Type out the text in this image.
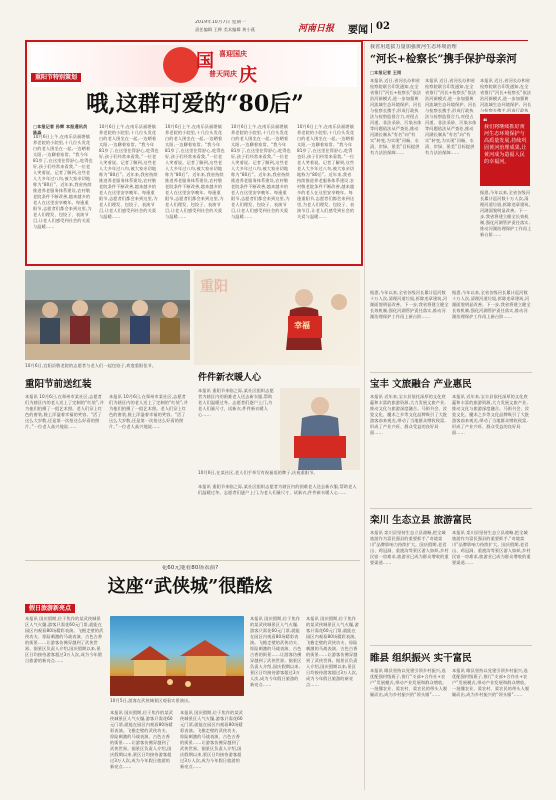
2019年10月7日 星期一
责任编辑 王桦 美术编辑 黄小燕	河南日报 要闻 02
国
庆
喜迎国庆
普天同庆
重阳节特别策划
哦,这群可爱的“80后”
□本报记者 孙辉 本报通讯员 陈淼
10月6日上午,在南乐县福堪镇养老院的小院里,十几位头发花白的老人围坐在一起,一边晒着太阳,一边聊着家常。“我今年81岁了,在这里住得舒心,吃得也好,孩子们经常来看我。”一位老人笑着说。记者了解到,这些老人大多年过八旬,被大家亲切地称为“80后”。近年来,我省持续推进养老服务体系建设,农村敬老院条件不断改善,越来越多的老人在这里安享晚年。每逢重阳节,志愿者们都会来到这里,为老人们理发、包饺子、表演节目,让老人们感受到社会的关爱与温暖……
10月6日上午,在南乐县福堪镇养老院的小院里,十几位头发花白的老人围坐在一起,一边晒着太阳,一边聊着家常。“我今年81岁了,在这里住得舒心,吃得也好,孩子们经常来看我。”一位老人笑着说。记者了解到,这些老人大多年过八旬,被大家亲切地称为“80后”。近年来,我省持续推进养老服务体系建设,农村敬老院条件不断改善,越来越多的老人在这里安享晚年。每逢重阳节,志愿者们都会来到这里,为老人们理发、包饺子、表演节目,让老人们感受到社会的关爱与温暖……
10月6日上午,在南乐县福堪镇养老院的小院里,十几位头发花白的老人围坐在一起,一边晒着太阳,一边聊着家常。“我今年81岁了,在这里住得舒心,吃得也好,孩子们经常来看我。”一位老人笑着说。记者了解到,这些老人大多年过八旬,被大家亲切地称为“80后”。近年来,我省持续推进养老服务体系建设,农村敬老院条件不断改善,越来越多的老人在这里安享晚年。每逢重阳节,志愿者们都会来到这里,为老人们理发、包饺子、表演节目,让老人们感受到社会的关爱与温暖……
10月6日上午,在南乐县福堪镇养老院的小院里,十几位头发花白的老人围坐在一起,一边晒着太阳,一边聊着家常。“我今年81岁了,在这里住得舒心,吃得也好,孩子们经常来看我。”一位老人笑着说。记者了解到,这些老人大多年过八旬,被大家亲切地称为“80后”。近年来,我省持续推进养老服务体系建设,农村敬老院条件不断改善,越来越多的老人在这里安享晚年。每逢重阳节,志愿者们都会来到这里,为老人们理发、包饺子、表演节目,让老人们感受到社会的关爱与温暖……
10月6日上午,在南乐县福堪镇养老院的小院里,十几位头发花白的老人围坐在一起,一边晒着太阳,一边聊着家常。“我今年81岁了,在这里住得舒心,吃得也好,孩子们经常来看我。”一位老人笑着说。记者了解到,这些老人大多年过八旬,被大家亲切地称为“80后”。近年来,我省持续推进养老服务体系建设,农村敬老院条件不断改善,越来越多的老人在这里安享晚年。每逢重阳节,志愿者们都会来到这里,为老人们理发、包饺子、表演节目,让老人们感受到社会的关爱与温暖……
我省用选拔力量加强黄河生态环境治理
“河长+检察长”携手保护母亲河
□本报记者 王雨
本报讯 近日,省河长办和省检察院联合印发通知,在全省推行“河长+检察长”依法治河新模式,进一步加强黄河流域生态环境保护。河长与检察长携手,形成行政执法与检察监督合力,对侵占河道、非法采砂、污染水体等问题依法从严查处,推动河湖长制从“有名”向“有实”转变,为实现“河畅、水清、岸绿、景美”目标提供有力法治保障……
本报讯 近日,省河长办和省检察院联合印发通知,在全省推行“河长+检察长”依法治河新模式,进一步加强黄河流域生态环境保护。河长与检察长携手,形成行政执法与检察监督合力,对侵占河道、非法采砂、污染水体等问题依法从严查处,推动河湖长制从“有名”向“有实”转变,为实现“河畅、水清、岸绿、景美”目标提供有力法治保障……
❝
我们将继续抓好黄河生态环境保护与高质量发展,持续巩固黄河治理成果,让黄河成为造福人民的幸福河。
本报讯 近日,省河长办和省检察院联合印发通知,在全省推行“河长+检察长”依法治河新模式,进一步加强黄河流域生态环境保护。河长与检察长携手,形成行政执
据悉,今年以来,全省各级河长累计巡河数十万人次,清理河道垃圾,拆除违章建筑,河湖面貌明显改善。下一步,我省将建立健全长效机制,强化河湖管护责任落实,推动河湖治理保护工作再上新台阶……
据悉,今年以来,全省各级河长累计巡河数十万人次,清理河道垃圾,拆除违章建筑,河湖面貌明显改善。下一步,我省将建立健全长效机制,强化河湖管护责任落实,推动河湖治理保护工作再上新台阶……
据悉,今年以来,全省各级河长累计巡河数十万人次,清理河道垃圾,拆除违章建筑,河湖面貌明显改善。下一步,我省将建立健全长效机制,强化河湖管护责任落实,推动河湖治理保护工作再上新台阶……
宝丰 文旅融合 产业惠民
本报讯 近年来,宝丰县依托深厚的文化底蕴和丰富的旅游资源,大力发展文旅产业,推动文化与旅游深度融合。马街书会、汝瓷文化、魔术之乡等文化品牌吸引了大批游客前来观光,带动了当地群众增收致富,形成了产业兴旺、群众受益的良好局面……
本报讯 近年来,宝丰县依托深厚的文化底蕴和丰富的旅游资源,大力发展文旅产业,推动文化与旅游深度融合。马街书会、汝瓷文化、魔术之乡等文化品牌吸引了大批游客前来观光,带动了当地群众增收致富,形成了产业兴旺、群众受益的良好局面……
栾川 生态立县 旅游富民
本报讯 栾川县坚持生态立县战略,把全域旅游作为富民强县的重要抓手,“奇境栾川”品牌影响力持续扩大。国庆假期,老君山、鸡冠洞、重渡沟等景区游人如织,乡村民宿一房难求,旅游业已成为群众增收的重要渠道……
本报讯 栾川县坚持生态立县战略,把全域旅游作为富民强县的重要抓手,“奇境栾川”品牌影响力持续扩大。国庆假期,老君山、鸡冠洞、重渡沟等景区游人如织,乡村民宿一房难求,旅游业已成为群众增收的重要渠道……
睢县 组织振兴 实干富民
本报讯 睢县坚持以党建引领乡村振兴,选优配强村级班子,推行“支部+合作社+农户”发展模式,带动产业发展和群众增收。一批懂农业、爱农村、爱农民的带头人脱颖而出,成为乡村振兴的“领头雁”……
本报讯 睢县坚持以党建引领乡村振兴,选优配强村级班子,推行“支部+合作社+农户”发展模式,带动产业发展和群众增收。一批懂农业、爱农村、爱农民的带头人脱颖而出,成为乡村振兴的“领头雁”……
10月6日,宜阳县敬老院的志愿者与老人们一起包饺子,欢度重阳佳节。
重阳节前送红装
本报讯 10月6日,在郑州市某社区,志愿者们为辖区内的老人送上了定制的“红装”,并为他们拍摄了一组艺术照。老人们穿上红色的唐装,脸上洋溢着幸福的笑容。“活了这么大岁数,还是第一次拍这么好看的照片。”一位老人高兴地说……
本报讯 10月6日,在郑州市某社区,志愿者们为辖区内的老人送上了定制的“红装”,并为他们拍摄了一组艺术照。老人们穿上红色的唐装,脸上洋溢着幸福的笑容。“活了这么大岁数,还是第一次拍这么好看的照片。”一位老人高兴地说……
重阳
幸福
件件新衣暖人心
10月6日,在某社区,老人们手举写有祝福语的牌子,庆祝重阳节。
本报讯 重阳节来临之际,某社区组织志愿者为辖区内的困难老人送去新衣服,帮助老人们温暖过冬。志愿者们逐户上门,为老人们量尺寸、试新衣,件件新衣暖人心……
本报讯 重阳节来临之际,某社区组织志愿者为辖区内的困难老人送去新衣服,帮助老人们温暖过冬。志愿者们逐户上门,为老人们量尺寸、试新衣,件件新衣暖人心……
花60元能看80场表演?
这座“武侠城”很酷炫
假日旅游新亮点
本报讯 国庆假期,位于焦作的某武侠城景区人气火爆,游客只需花60元门票,就能在园区内观看80场精彩表演。飞檐走壁的武侠功夫、惊险刺激的马战表演、古色古香的街景……让游客仿佛穿越到了武侠世界。据景区负责人介绍,国庆假期以来,景区日均接待游客超过3万人次,成为今年假日旅游的新亮点……
10月5日,游客在武侠城景区观看实景演出。
本报讯 国庆假期,位于焦作的某武侠城景区人气火爆,游客只需花60元门票,就能在园区内观看80场精彩表演。飞檐走壁的武侠功夫、惊险刺激的马战表演、古色古香的街景……让游客仿佛穿越到了武侠世界。据景区负责人介绍,国庆假期以来,景区日均接待游客超过3万人次,成为今年假日旅游的新亮点……
本报讯 国庆假期,位于焦作的某武侠城景区人气火爆,游客只需花60元门票,就能在园区内观看80场精彩表演。飞檐走壁的武侠功夫、惊险刺激的马战表演、古色古香的街景……让游客仿佛穿越到了武侠世界。据景区负责人介绍,国庆假期以来,景区日均接待游客超过3万人次,成为今年假日旅游的新亮点……
本报讯 国庆假期,位于焦作的某武侠城景区人气火爆,游客只需花60元门票,就能在园区内观看80场精彩表演。飞檐走壁的武侠功夫、惊险刺激的马战表演、古色古香的街景……让游客仿佛穿越到了武侠世界。据景区负责人介绍,国庆假期以来,景区日均接待游客超过3万人次,成为今年假日旅游的新亮点……
本报讯 国庆假期,位于焦作的某武侠城景区人气火爆,游客只需花60元门票,就能在园区内观看80场精彩表演。飞檐走壁的武侠功夫、惊险刺激的马战表演、古色古香的街景……让游客仿佛穿越到了武侠世界。据景区负责人介绍,国庆假期以来,景区日均接待游客超过3万人次,成为今年假日旅游的新亮点……
